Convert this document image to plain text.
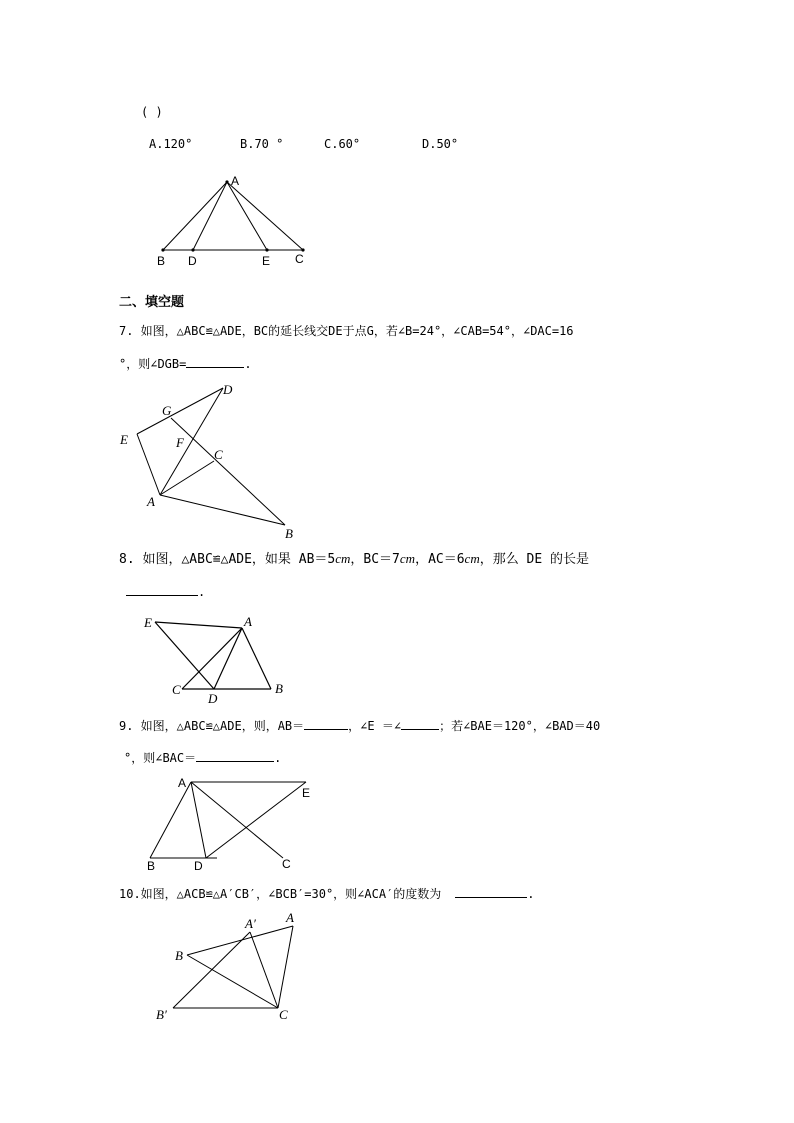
( )
A.120°	B.70 °	C.60°	D.50°
A
B D	E C
二、填空题
7. 如图，△ABC≌△ADE，BC的延长线交DE于点G，若∠B=24°，∠CAB=54°，∠DAC=16
°，则∠DGB=	.
D
G
E	F
C
A
B
8. 如图，△ABC≌△ADE，如果 AB＝5cm，BC＝7cm，AC＝6cm，那么 DE 的长是
.
E	A
C
D
B
9. 如图，△ABC≌△ADE，则，AB＝	，∠E ＝∠	；若∠BAE＝120°，∠BAD＝40
°，则∠BAC＝	.
A
E
B	D	C
10.如图，△ACB≌△A′CB′，∠BCB′=30°，则∠ACA′的度数为	.
A′ A
B
B′	C
